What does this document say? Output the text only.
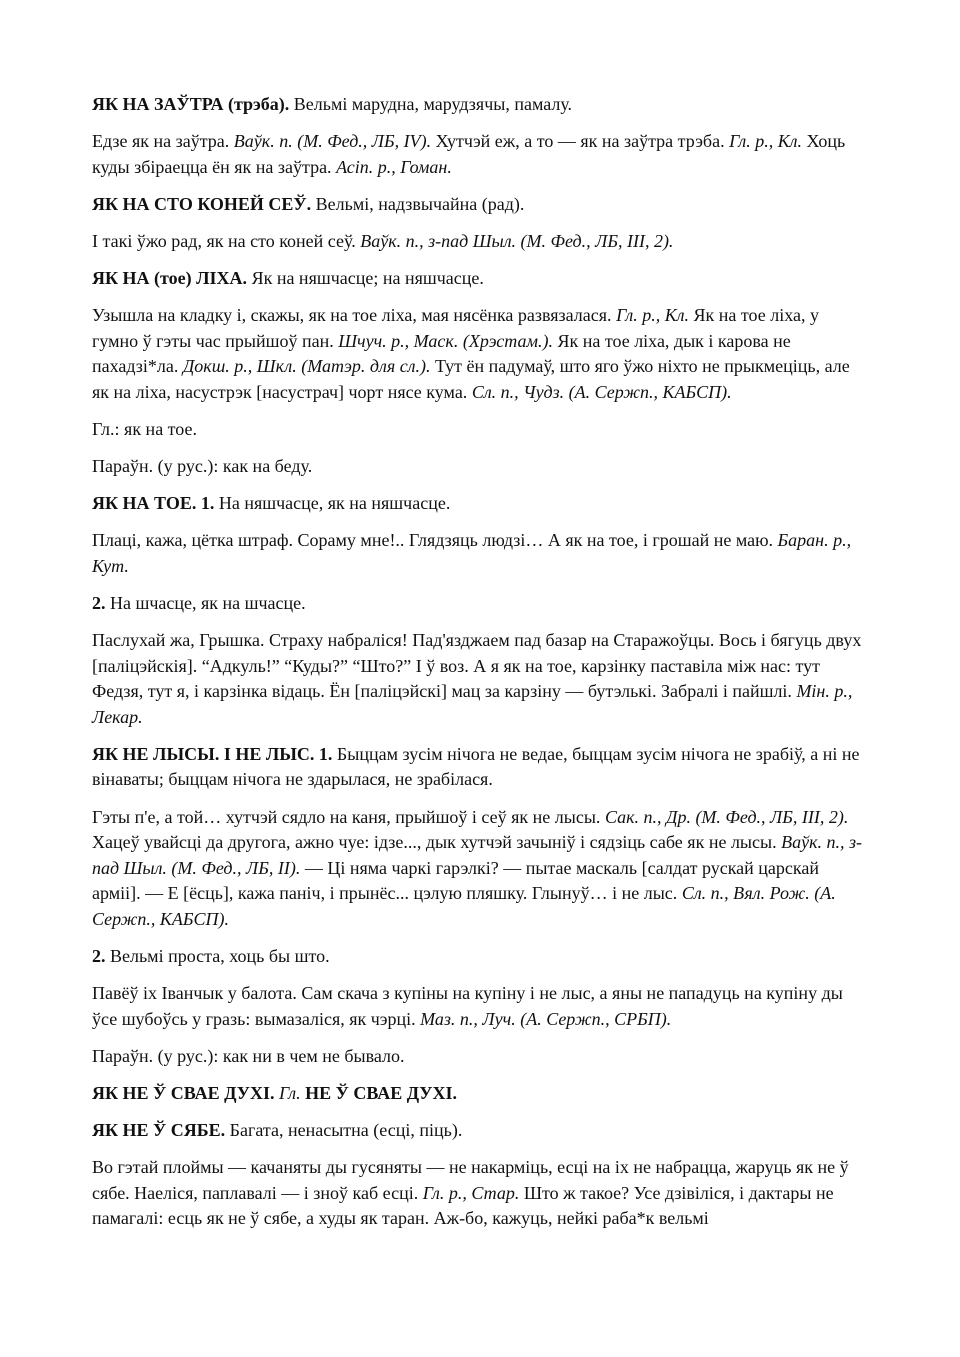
ЯК НА ЗАЎТРА (трэба). Вельмі марудна, марудзячы, памалу.

Едзе як на заўтра. Ваўк. п. (М. Фед., ЛБ, IV). Хутчэй еж, а то — як на заўтра трэба. Гл. р., Кл. Хоць куды збіраецца ён як на заўтра. Асіп. р., Гоман.

ЯК НА СТО КОНЕЙ СЕЎ. Вельмі, надзвычайна (рад).

І такі ўжо рад, як на сто коней сеў. Ваўк. п., з-пад Шыл. (М. Фед., ЛБ, III, 2).

ЯК НА (тое) ЛІХА. Як на няшчасце; на няшчасце.

Узышла на кладку і, скажы, як на тое ліха, мая нясёнка развязалася. Гл. р., Кл. Як на тое ліха, у гумно ў гэты час прыйшоў пан. Шчуч. р., Маск. (Хрэстам.). Як на тое ліха, дык і карова не пахадзі*ла. Докш. р., Шкл. (Матэр. для сл.). Тут ён падумаў, што яго ўжо ніхто не прыкмеціць, але як на ліха, насустрэк [насустрач] чорт нясе кума. Сл. п., Чудз. (А. Сержп., КАБСП).

Гл.: як на тое.

Параўн. (у рус.): как на беду.

ЯК НА ТОЕ. 1. На няшчасце, як на няшчасце.

Плаці, кажа, цётка штраф. Сораму мне!.. Глядзяць людзі… А як на тое, і грошай не маю. Баран. р., Кут.

2. На шчасце, як на шчасце.

Паслухай жа, Грышка. Страху набраліся! Пад'язджаем пад базар на Старажоўцы. Вось і бягуць двух [паліцэйскія]. “Адкуль!” “Куды?” “Што?” І ў воз. А я як на тое, карзінку паставіла між нас: тут Федзя, тут я, і карзінка відаць. Ён [паліцэйскі] мац за карзіну — бутэлькі. Забралі і пайшлі. Мін. р., Лекар.

ЯК НЕ ЛЫСЫ. І НЕ ЛЫС. 1. Быццам зусім нічога не ведае, быццам зусім нічога не зрабіў, а ні не вінаваты; быццам нічога не здарылася, не зрабілася.

Гэты п'е, а той… хутчэй сядло на каня, прыйшоў і сеў як не лысы. Сак. п., Др. (М. Фед., ЛБ, III, 2). Хацеў увайсці да другога, ажно чуе: ідзе..., дык хутчэй зачыніў і сядзіць сабе як не лысы. Ваўк. п., з-пад Шыл. (М. Фед., ЛБ, II). — Ці няма чаркі гарэлкі? — пытае маскаль [салдат рускай царскай арміі]. — Е [ёсць], кажа паніч, і прынёс... цэлую пляшку. Глынуў… і не лыс. Сл. п., Вял. Рож. (А. Сержп., КАБСП).

2. Вельмі проста, хоць бы што.

Павёў іх Іванчык у балота. Сам скача з купіны на купіну і не лыс, а яны не пападуць на купіну ды ўсе шубоўсь у гразь: вымазаліся, як чэрці. Маз. п., Луч. (А. Сержп., СРБП).

Параўн. (у рус.): как ни в чем не бывало.

ЯК НЕ Ў СВАЕ ДУХІ. Гл. НЕ Ў СВАЕ ДУХІ.

ЯК НЕ Ў СЯБЕ. Багата, ненасытна (есці, піць).

Во гэтай плоймы — качаняты ды гусяняты — не накарміць, есці на іх не набрацца, жаруць як не ў сябе. Наеліся, паплавалі — і зноў каб есці. Гл. р., Стар. Што ж такое? Усе дзівіліся, і дактары не памагалі: есць як не ў сябе, а худы як таран. Аж-бо, кажуць, нейкі раба*к вельмі
